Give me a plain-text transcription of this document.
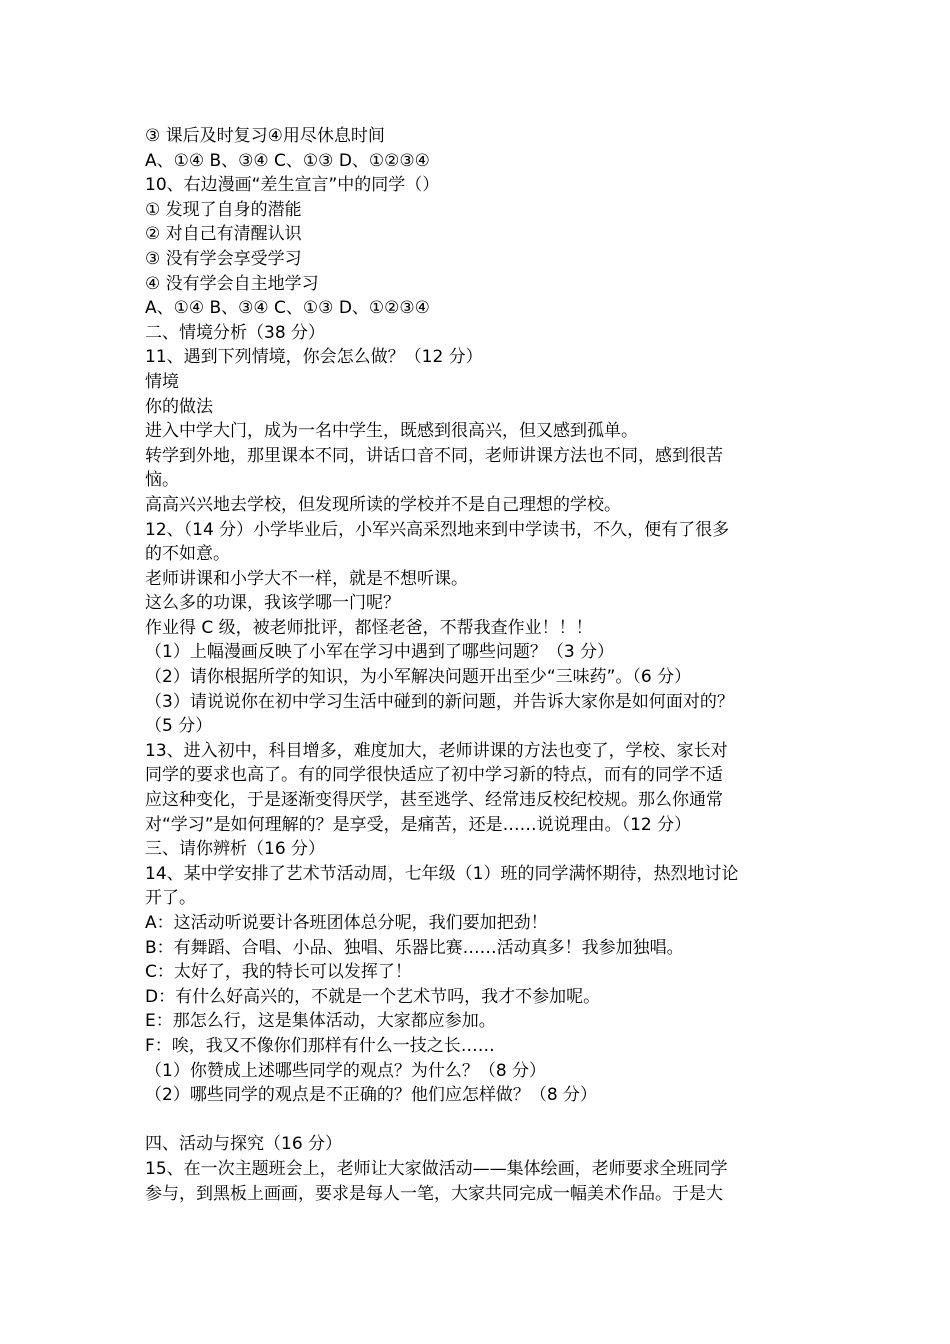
③ 课后及时复习④用尽休息时间
A、①④ B、③④ C、①③ D、①②③④
10、右边漫画“差生宣言”中的同学（）
① 发现了自身的潜能
② 对自己有清醒认识
③ 没有学会享受学习
④ 没有学会自主地学习
A、①④ B、③④ C、①③ D、①②③④
二、情境分析（38 分）
11、遇到下列情境，你会怎么做？（12 分）
情境
你的做法
进入中学大门，成为一名中学生，既感到很高兴，但又感到孤单。
转学到外地，那里课本不同，讲话口音不同，老师讲课方法也不同，感到很苦
恼。
高高兴兴地去学校，但发现所读的学校并不是自己理想的学校。
12、（14 分）小学毕业后，小军兴高采烈地来到中学读书，不久，便有了很多
的不如意。
老师讲课和小学大不一样，就是不想听课。
这么多的功课，我该学哪一门呢？
作业得 C 级，被老师批评，都怪老爸，不帮我查作业！！！
（1）上幅漫画反映了小军在学习中遇到了哪些问题？（3 分）
（2）请你根据所学的知识，为小军解决问题开出至少“三味药”。（6 分）
（3）请说说你在初中学习生活中碰到的新问题，并告诉大家你是如何面对的？
（5 分）
13、进入初中，科目增多，难度加大，老师讲课的方法也变了，学校、家长对
同学的要求也高了。有的同学很快适应了初中学习新的特点，而有的同学不适
应这种变化，于是逐渐变得厌学，甚至逃学、经常违反校纪校规。那么你通常
对“学习”是如何理解的？是享受，是痛苦，还是……说说理由。（12 分）
三、请你辨析（16 分）
14、某中学安排了艺术节活动周，七年级（1）班的同学满怀期待，热烈地讨论
开了。
A：这活动听说要计各班团体总分呢，我们要加把劲！
B：有舞蹈、合唱、小品、独唱、乐器比赛……活动真多！我参加独唱。
C：太好了，我的特长可以发挥了！
D：有什么好高兴的，不就是一个艺术节吗，我才不参加呢。
E：那怎么行，这是集体活动，大家都应参加。
F：唉，我又不像你们那样有什么一技之长……
（1）你赞成上述哪些同学的观点？为什么？（8 分）
（2）哪些同学的观点是不正确的？他们应怎样做？（8 分）
四、活动与探究（16 分）
15、在一次主题班会上，老师让大家做活动——集体绘画，老师要求全班同学
参与，到黑板上画画，要求是每人一笔，大家共同完成一幅美术作品。于是大
